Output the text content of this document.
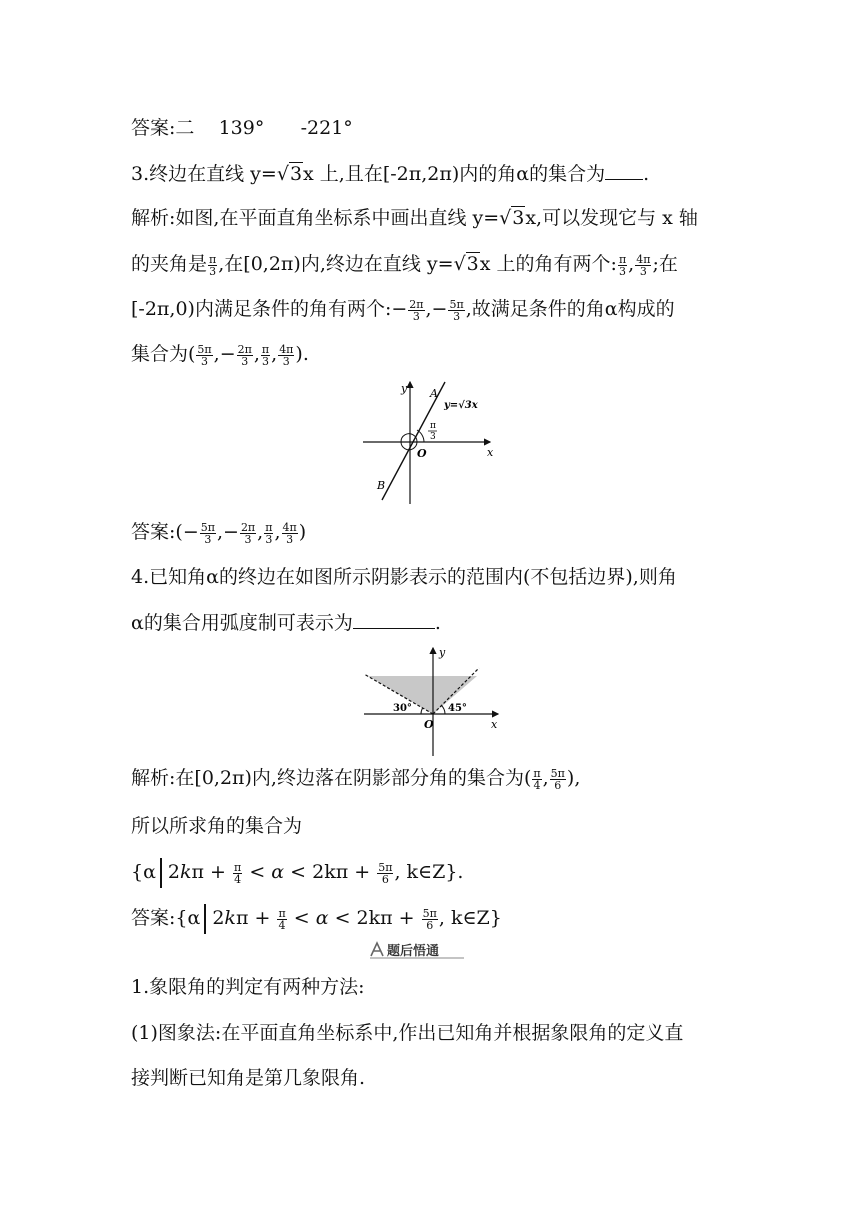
答案:二 139° -221°
3.终边在直线 y=√3x 上,且在[-2π,2π)内的角α的集合为 .
解析:如图,在平面直角坐标系中画出直线 y=√3x,可以发现它与 x 轴
的夹角是 $\frac{\pi}{3}$ ,在[0,2π)内,终边在直线 y=√3x 上的角有两个: $\frac{\pi}{3}$ , $\frac{4\pi}{3}$ ;在
[-2π,0)内满足条件的角有两个:− $\frac{2\pi}{3}$ ,− $\frac{5\pi}{3}$ ,故满足条件的角α构成的
集合为( $\frac{5\pi}{3}$ ,− $\frac{2\pi}{3}$ , $\frac{\pi}{3}$ , $\frac{4\pi}{3}$ ).
y
x
O
A
B
y=√3x
π
3
答案:(− $\frac{5\pi}{3}$ ,− $\frac{2\pi}{3}$ , $\frac{\pi}{3}$ , $\frac{4\pi}{3}$ )
4.已知角α的终边在如图所示阴影表示的范围内(不包括边界),则角
α的集合用弧度制可表示为	.
y
x
O
30°	45°
解析:在[0,2π)内,终边落在阴影部分角的集合为( $\frac{\pi}{4}$ , $\frac{5\pi}{6}$ ),
所以所求角的集合为
{α $2k\pi + \frac{\pi}{4} < \alpha < 2k\pi + \frac{5\pi}{6}$ , k∈Z}.
答案:{α $2k\pi + \frac{\pi}{4} < \alpha < 2k\pi + \frac{5\pi}{6}$ , k∈Z}
题后悟通
1.象限角的判定有两种方法:
(1)图象法:在平面直角坐标系中,作出已知角并根据象限角的定义直
接判断已知角是第几象限角.
